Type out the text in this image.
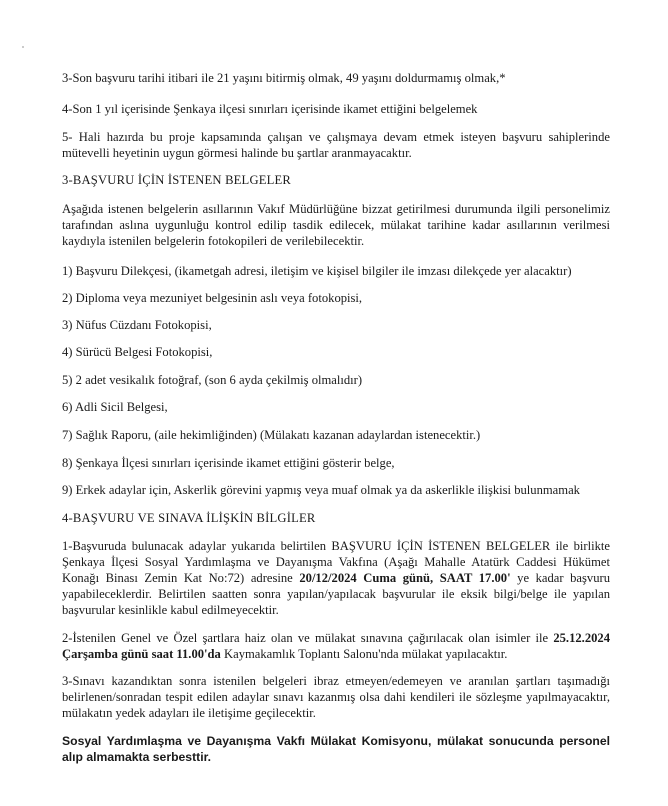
3-Son başvuru tarihi itibari ile 21 yaşını bitirmiş olmak, 49 yaşını doldurmamış olmak,*

4-Son 1 yıl içerisinde Şenkaya ilçesi sınırları içerisinde ikamet ettiğini belgelemek

5- Hali hazırda bu proje kapsamında çalışan ve çalışmaya devam etmek isteyen başvuru sahiplerinde mütevelli heyetinin uygun görmesi halinde bu şartlar aranmayacaktır.

3-BAŞVURU İÇİN İSTENEN BELGELER

Aşağıda istenen belgelerin asıllarının Vakıf Müdürlüğüne bizzat getirilmesi durumunda ilgili personelimiz tarafından aslına uygunluğu kontrol edilip tasdik edilecek, mülakat tarihine kadar asıllarının verilmesi kaydıyla istenilen belgelerin fotokopileri de verilebilecektir.

1) Başvuru Dilekçesi, (ikametgah adresi, iletişim ve kişisel bilgiler ile imzası dilekçede yer alacaktır)

2) Diploma veya mezuniyet belgesinin aslı veya fotokopisi,

3) Nüfus Cüzdanı Fotokopisi,

4) Sürücü Belgesi Fotokopisi,

5) 2 adet vesikalık fotoğraf, (son 6 ayda çekilmiş olmalıdır)

6) Adli Sicil Belgesi,

7) Sağlık Raporu, (aile hekimliğinden) (Mülakatı kazanan adaylardan istenecektir.)

8) Şenkaya İlçesi sınırları içerisinde ikamet ettiğini gösterir belge,

9) Erkek adaylar için, Askerlik görevini yapmış veya muaf olmak ya da askerlikle ilişkisi bulunmamak

4-BAŞVURU VE SINAVA İLİŞKİN BİLGİLER

1-Başvuruda bulunacak adaylar yukarıda belirtilen BAŞVURU İÇİN İSTENEN BELGELER ile birlikte Şenkaya İlçesi Sosyal Yardımlaşma ve Dayanışma Vakfına (Aşağı Mahalle Atatürk Caddesi Hükümet Konağı Binası Zemin Kat No:72) adresine 20/12/2024 Cuma günü, SAAT 17.00' ye kadar başvuru yapabileceklerdir. Belirtilen saatten sonra yapılan/yapılacak başvurular ile eksik bilgi/belge ile yapılan başvurular kesinlikle kabul edilmeyecektir.

2-İstenilen Genel ve Özel şartlara haiz olan ve mülakat sınavına çağırılacak olan isimler ile 25.12.2024 Çarşamba günü saat 11.00'da Kaymakamlık Toplantı Salonu'nda mülakat yapılacaktır.

3-Sınavı kazandıktan sonra istenilen belgeleri ibraz etmeyen/edemeyen ve aranılan şartları taşımadığı belirlenen/sonradan tespit edilen adaylar sınavı kazanmış olsa dahi kendileri ile sözleşme yapılmayacaktır, mülakatın yedek adayları ile iletişime geçilecektir.

Sosyal Yardımlaşma ve Dayanışma Vakfı Mülakat Komisyonu, mülakat sonucunda personel alıp almamakta serbesttir.
